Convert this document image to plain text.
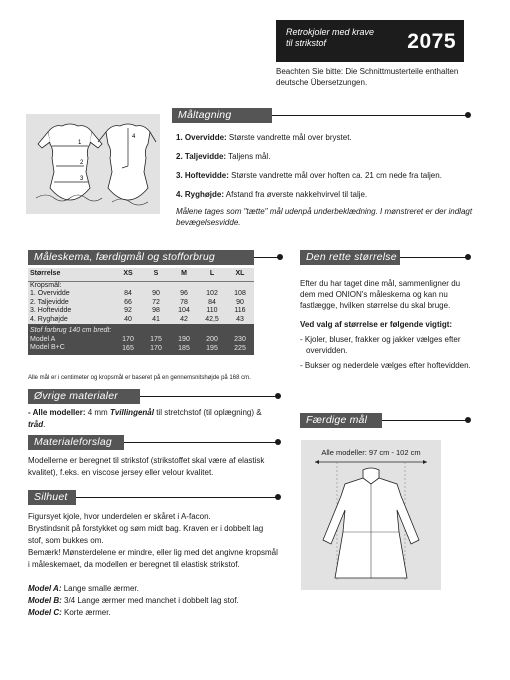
Retrokjoler med krave til strikstof	2075
Beachten Sie bitte: Die Schnittmusterteile enthalten deutsche Übersetzungen.
Måltagning
1
2
3
4	1. Overvidde: Største vandrette mål over brystet.
2. Taljevidde: Taljens mål.
3. Hoftevidde: Største vandrette mål over hoften ca. 21 cm nede fra taljen.
4. Ryghøjde: Afstand fra øverste nakkehvirvel til talje.
Målene tages som "tætte" mål udenpå underbeklædning. I mønstreret er der indlagt bevægelsesvidde.
Måleskema, færdigmål og stofforbrug
Størrelse	XS	S	M	L	XL
Kropsmål:					
1. Overvidde	84	90	96	102	108
2. Taljevidde	66	72	78	84	90
3. Hoftevidde	92	98	104	110	116
4. Ryghøjde	40	41	42	42,5	43
Stof forbrug 140 cm bredt:					
Model A	170	175	190	200	230
Model B+C	165	170	185	195	225
Alle mål er i centimeter og kropsmål er baseret på en gennemsnitshøjde på 168 cm.
Øvrige materialer
- Alle modeller: 4 mm Tvillingenål til stretchstof (til oplægning) & tråd.
Materialeforslag
Modellerne er beregnet til strikstof (strikstoffet skal være af elastisk kvalitet), f.eks. en viscose jersey eller velour kvalitet.
Silhuet
Figursyet kjole, hvor underdelen er skåret i A-facon.
Brystindsnit på forstykket og søm midt bag. Kraven er i dobbelt lag stof, som bukkes om.
Bemærk! Mønsterdelene er mindre, eller lig med det angivne kropsmål i måleskemaet, da modellen er beregnet til elastisk strikstof.
Model A: Lange smalle ærmer.
Model B: 3/4 Lange ærmer med manchet i dobbelt lag stof.
Model C: Korte ærmer.
Den rette størrelse
Efter du har taget dine mål, sammenligner du dem med ONION's måleskema og kan nu fastlægge, hvilken størrelse du skal bruge.
Ved valg af størrelse er følgende vigtigt:
- Kjoler, bluser, frakker og jakker vælges efter overvidden.
- Bukser og nederdele vælges efter hoftevidden.
Færdige mål
Alle modeller: 97 cm - 102 cm
